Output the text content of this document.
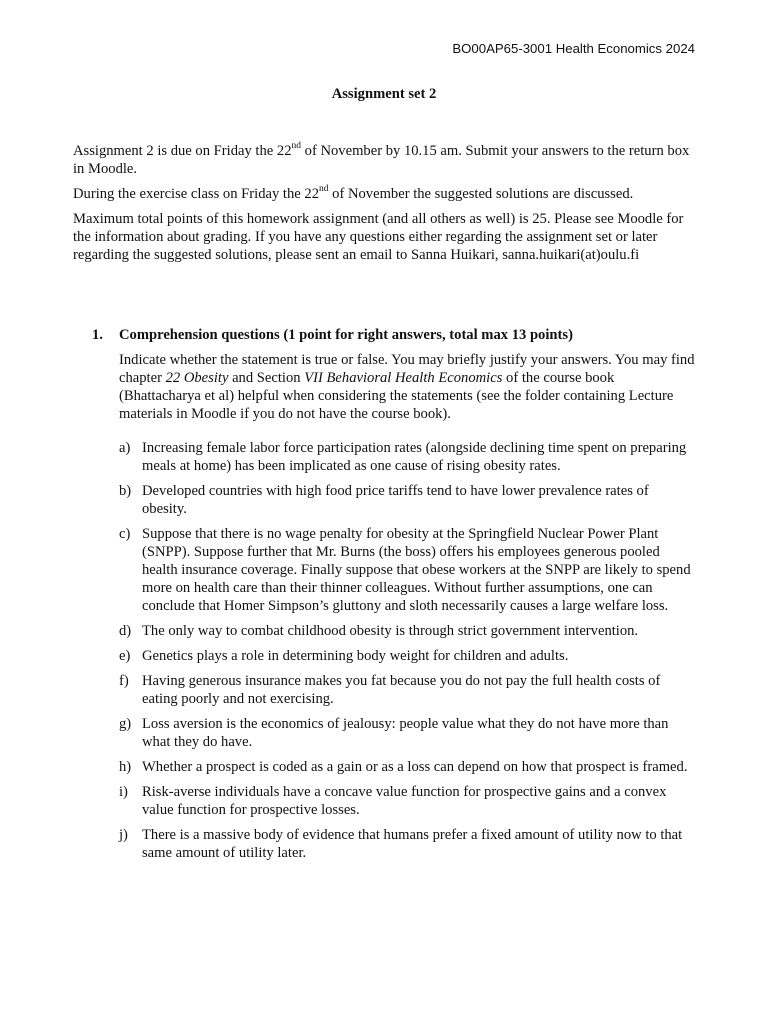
BO00AP65-3001 Health Economics 2024
Assignment set 2

Assignment 2 is due on Friday the 22nd of November by 10.15 am. Submit your answers to the return box in Moodle.

During the exercise class on Friday the 22nd of November the suggested solutions are discussed.

Maximum total points of this homework assignment (and all others as well) is 25. Please see Moodle for the information about grading. If you have any questions either regarding the assignment set or later regarding the suggested solutions, please sent an email to Sanna Huikari, sanna.huikari(at)oulu.fi

1.	Comprehension questions (1 point for right answers, total max 13 points)

Indicate whether the statement is true or false. You may briefly justify your answers. You may find chapter 22 Obesity and Section VII Behavioral Health Economics of the course book (Bhattacharya et al) helpful when considering the statements (see the folder containing Lecture materials in Moodle if you do not have the course book).

a) Increasing female labor force participation rates (alongside declining time spent on preparing meals at home) has been implicated as one cause of rising obesity rates.
b) Developed countries with high food price tariffs tend to have lower prevalence rates of obesity.
c) Suppose that there is no wage penalty for obesity at the Springfield Nuclear Power Plant (SNPP). Suppose further that Mr. Burns (the boss) offers his employees generous pooled health insurance coverage. Finally suppose that obese workers at the SNPP are likely to spend more on health care than their thinner colleagues. Without further assumptions, one can conclude that Homer Simpson’s gluttony and sloth necessarily causes a large welfare loss.
d) The only way to combat childhood obesity is through strict government intervention.
e) Genetics plays a role in determining body weight for children and adults.
f) Having generous insurance makes you fat because you do not pay the full health costs of eating poorly and not exercising.
g) Loss aversion is the economics of jealousy: people value what they do not have more than what they do have.
h) Whether a prospect is coded as a gain or as a loss can depend on how that prospect is framed.
i) Risk-averse individuals have a concave value function for prospective gains and a convex value function for prospective losses.
j) There is a massive body of evidence that humans prefer a fixed amount of utility now to that same amount of utility later.
